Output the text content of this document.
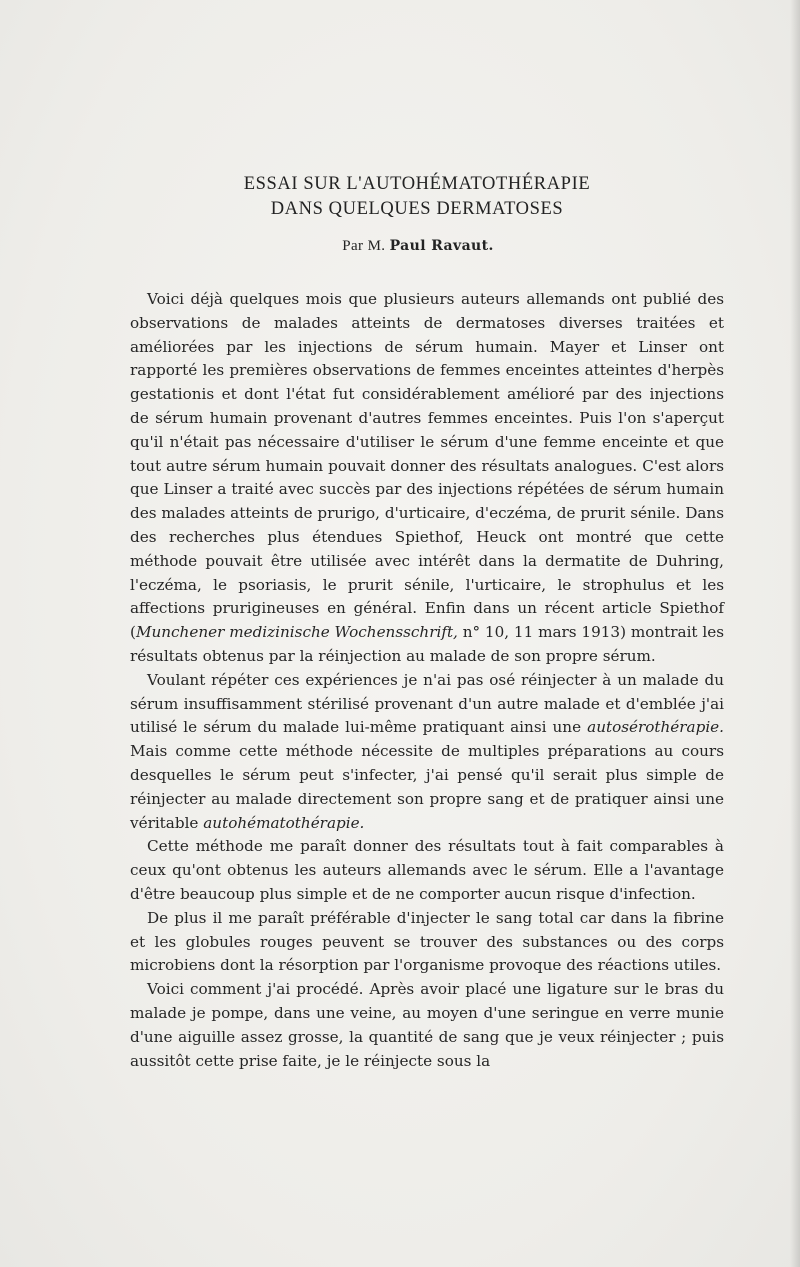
ESSAI SUR L'AUTOHÉMATOTHÉRAPIE
DANS QUELQUES DERMATOSES
Par M. Paul Ravaut.

Voici déjà quelques mois que plusieurs auteurs allemands ont publié des observations de malades atteints de dermatoses diverses traitées et améliorées par les injections de sérum humain. Mayer et Linser ont rapporté les premières observations de femmes enceintes atteintes d'herpès gestationis et dont l'état fut considérablement amélioré par des injections de sérum humain provenant d'autres femmes enceintes. Puis l'on s'aperçut qu'il n'était pas nécessaire d'utiliser le sérum d'une femme enceinte et que tout autre sérum humain pouvait donner des résultats analogues. C'est alors que Linser a traité avec succès par des injections répétées de sérum humain des malades atteints de prurigo, d'urticaire, d'eczéma, de prurit sénile. Dans des recherches plus étendues Spiethof, Heuck ont montré que cette méthode pouvait être utilisée avec intérêt dans la dermatite de Duhring, l'eczéma, le psoriasis, le prurit sénile, l'urticaire, le strophulus et les affections prurigineuses en général. Enfin dans un récent article Spiethof (Munchener medizinische Wochensschrift, n° 10, 11 mars 1913) montrait les résultats obtenus par la réinjection au malade de son propre sérum.

Voulant répéter ces expériences je n'ai pas osé réinjecter à un malade du sérum insuffisamment stérilisé provenant d'un autre malade et d'emblée j'ai utilisé le sérum du malade lui-même pratiquant ainsi une autosérothérapie. Mais comme cette méthode nécessite de multiples préparations au cours desquelles le sérum peut s'infecter, j'ai pensé qu'il serait plus simple de réinjecter au malade directement son propre sang et de pratiquer ainsi une véritable autohématothérapie.

Cette méthode me paraît donner des résultats tout à fait comparables à ceux qu'ont obtenus les auteurs allemands avec le sérum. Elle a l'avantage d'être beaucoup plus simple et de ne comporter aucun risque d'infection.

De plus il me paraît préférable d'injecter le sang total car dans la fibrine et les globules rouges peuvent se trouver des substances ou des corps microbiens dont la résorption par l'organisme provoque des réactions utiles.

Voici comment j'ai procédé. Après avoir placé une ligature sur le bras du malade je pompe, dans une veine, au moyen d'une seringue en verre munie d'une aiguille assez grosse, la quantité de sang que je veux réinjecter ; puis aussitôt cette prise faite, je le réinjecte sous la
